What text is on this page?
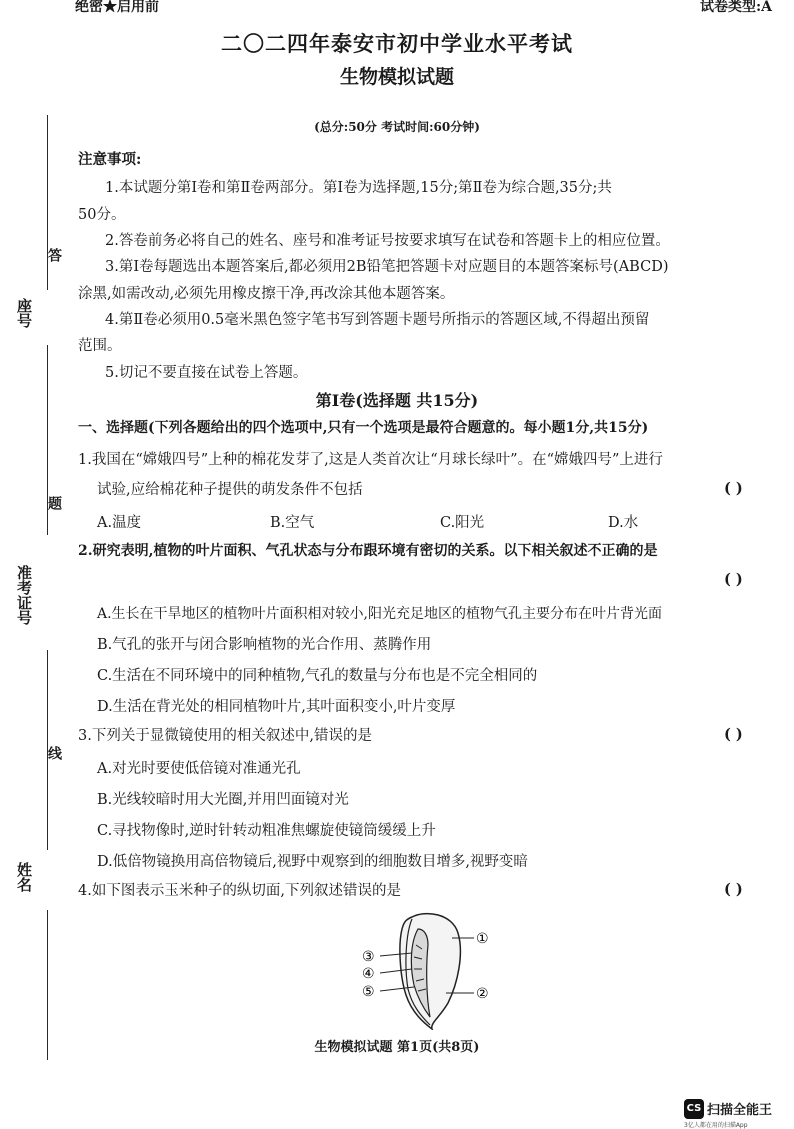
绝密★启用前	试卷类型:A
二〇二四年泰安市初中学业水平考试
生物模拟试题
(总分:50分 考试时间:60分钟)
座号
准考证号
姓名
答
题
线
注意事项:
1.本试题分第Ⅰ卷和第Ⅱ卷两部分。第Ⅰ卷为选择题,15分;第Ⅱ卷为综合题,35分;共
50分。
2.答卷前务必将自己的姓名、座号和准考证号按要求填写在试卷和答题卡上的相应位置。
3.第Ⅰ卷每题选出本题答案后,都必须用2B铅笔把答题卡对应题目的本题答案标号(ABCD)
涂黑,如需改动,必须先用橡皮擦干净,再改涂其他本题答案。
4.第Ⅱ卷必须用0.5毫米黑色签字笔书写到答题卡题号所指示的答题区域,不得超出预留
范围。
5.切记不要直接在试卷上答题。
第Ⅰ卷(选择题 共15分)
一、选择题(下列各题给出的四个选项中,只有一个选项是最符合题意的。每小题1分,共15分)
1.我国在“嫦娥四号”上种的棉花发芽了,这是人类首次让“月球长绿叶”。在“嫦娥四号”上进行
试验,应给棉花种子提供的萌发条件不包括	( )
A.温度	B.空气	C.阳光	D.水
2.研究表明,植物的叶片面积、气孔状态与分布跟环境有密切的关系。以下相关叙述不正确的是
( )
A.生长在干旱地区的植物叶片面积相对较小,阳光充足地区的植物气孔主要分布在叶片背光面
B.气孔的张开与闭合影响植物的光合作用、蒸腾作用
C.生活在不同环境中的同种植物,气孔的数量与分布也是不完全相同的
D.生活在背光处的相同植物叶片,其叶面积变小,叶片变厚
3.下列关于显微镜使用的相关叙述中,错误的是	( )
A.对光时要使低倍镜对准通光孔
B.光线较暗时用大光圈,并用凹面镜对光
C.寻找物像时,逆时针转动粗准焦螺旋使镜筒缓缓上升
D.低倍物镜换用高倍物镜后,视野中观察到的细胞数目增多,视野变暗
4.如下图表示玉米种子的纵切面,下列叙述错误的是	( )
①
②
③
④
⑤
生物模拟试题 第1页(共8页)
CS 扫描全能王
3亿人都在用的扫描App
